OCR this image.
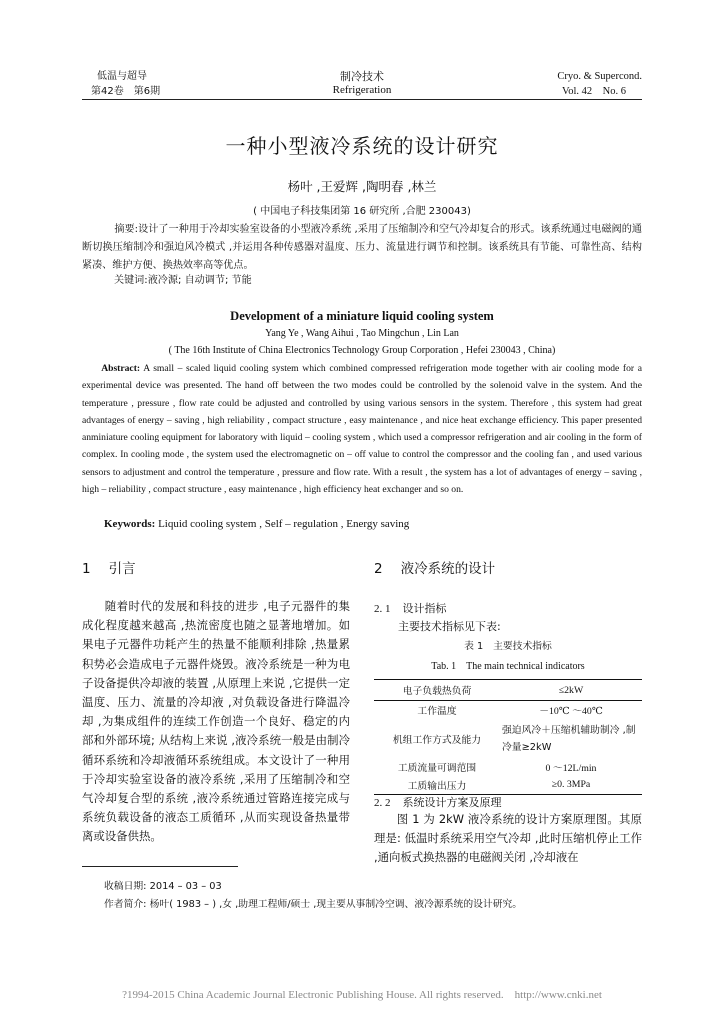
低温与超导
第42卷　第6期
制冷技术
Refrigeration
Cryo. & Supercond.
Vol. 42　No. 6
一种小型液冷系统的设计研究
杨叶 ,王爱辉 ,陶明春 ,林兰
( 中国电子科技集团第 16 研究所 ,合肥 230043)
摘要:设计了一种用于冷却实验室设备的小型液冷系统 ,采用了压缩制冷和空气冷却复合的形式。该系统通过电磁阀的通断切换压缩制冷和强迫风冷模式 ,并运用各种传感器对温度、压力、流量进行调节和控制。该系统具有节能、可靠性高、结构紧凑、维护方便、换热效率高等优点。
关键词:液冷源; 自动调节; 节能
Development of a miniature liquid cooling system
Yang Ye , Wang Aihui , Tao Mingchun , Lin Lan
( The 16th Institute of China Electronics Technology Group Corporation , Hefei 230043 , China)
Abstract: A small – scaled liquid cooling system which combined compressed refrigeration mode together with air cooling mode for a experimental device was presented. The hand off between the two modes could be controlled by the solenoid valve in the system. And the temperature , pressure , flow rate could be adjusted and controlled by using various sensors in the system. Therefore , this system had great advantages of energy – saving , high reliability , compact structure , easy maintenance , and nice heat exchange efficiency. This paper presented anminiature cooling equipment for laboratory with liquid – cooling system , which used a compressor refrigeration and air cooling in the form of complex. In cooling mode , the system used the electromagnetic on – off value to control the compressor and the cooling fan , and used various sensors to adjustment and control the temperature , pressure and flow rate. With a result , the system has a lot of advantages of energy – saving , high – reliability , compact structure , easy maintenance , high efficiency heat exchanger and so on.
Keywords: Liquid cooling system , Self – regulation , Energy saving
1 引言
随着时代的发展和科技的进步 ,电子元器件的集成化程度越来越高 ,热流密度也随之显著地增加。如果电子元器件功耗产生的热量不能顺利排除 ,热量累积势必会造成电子元器件烧毁。液冷系统是一种为电子设备提供冷却液的装置 ,从原理上来说 ,它提供一定温度、压力、流量的冷却液 ,对负载设备进行降温冷却 ,为集成组件的连续工作创造一个良好、稳定的内部和外部环境; 从结构上来说 ,液冷系统一般是由制冷循环系统和冷却液循环系统组成。本文设计了一种用于冷却实验室设备的液冷系统 ,采用了压缩制冷和空气冷却复合型的系统 ,液冷系统通过管路连接完成与系统负载设备的液态工质循环 ,从而实现设备热量带离或设备供热。
2 液冷系统的设计
2. 1 设计指标
主要技术指标见下表:
表 1　主要技术指标
Tab. 1　The main technical indicators
电子负载热负荷	≤2kW
工作温度	－10℃ ～40℃
机组工作方式及能力	强迫风冷＋压缩机辅助制冷 ,制冷量≥2kW
工质流量可调范围	0 ～12L/min
工质输出压力	≥0. 3MPa
2. 2 系统设计方案及原理
图 1 为 2kW 液冷系统的设计方案原理图。其原理是: 低温时系统采用空气冷却 ,此时压缩机停止工作 ,通向板式换热器的电磁阀关闭 ,冷却液在
收稿日期: 2014 – 03 – 03
作者简介: 杨叶( 1983 – ) ,女 ,助理工程师/硕士 ,现主要从事制冷空调、液冷源系统的设计研究。
?1994-2015 China Academic Journal Electronic Publishing House. All rights reserved.    http://www.cnki.net
